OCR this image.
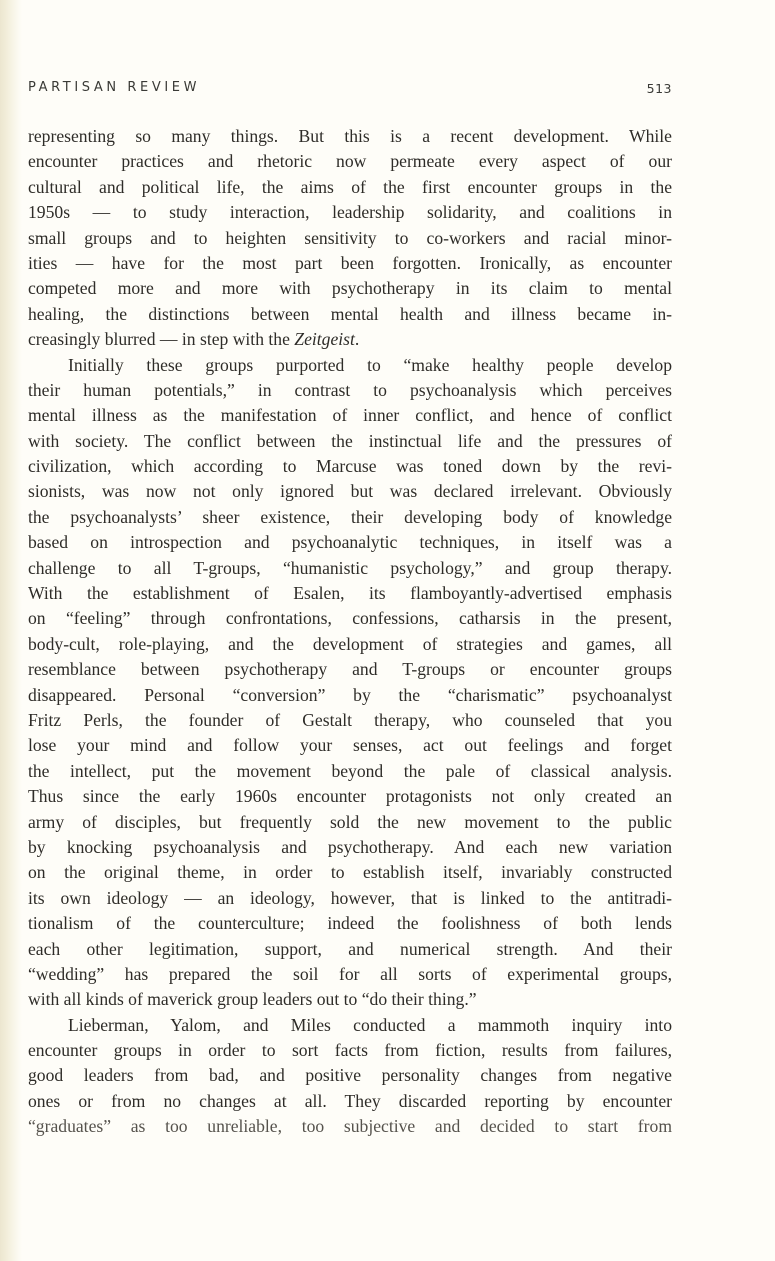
PARTISAN REVIEW	513
representing so many things. But this is a recent development. While
encounter practices and rhetoric now permeate every aspect of our
cultural and political life, the aims of the first encounter groups in the
1950s — to study interaction, leadership solidarity, and coalitions in
small groups and to heighten sensitivity to co-workers and racial minor-
ities — have for the most part been forgotten. Ironically, as encounter
competed more and more with psychotherapy in its claim to mental
healing, the distinctions between mental health and illness became in-
creasingly blurred — in step with the Zeitgeist.
Initially these groups purported to “make healthy people develop
their human potentials,” in contrast to psychoanalysis which perceives
mental illness as the manifestation of inner conflict, and hence of conflict
with society. The conflict between the instinctual life and the pressures of
civilization, which according to Marcuse was toned down by the revi-
sionists, was now not only ignored but was declared irrelevant. Obviously
the psychoanalysts’ sheer existence, their developing body of knowledge
based on introspection and psychoanalytic techniques, in itself was a
challenge to all T-groups, “humanistic psychology,” and group therapy.
With the establishment of Esalen, its flamboyantly-advertised emphasis
on “feeling” through confrontations, confessions, catharsis in the present,
body-cult, role-playing, and the development of strategies and games, all
resemblance between psychotherapy and T-groups or encounter groups
disappeared. Personal “conversion” by the “charismatic” psychoanalyst
Fritz Perls, the founder of Gestalt therapy, who counseled that you
lose your mind and follow your senses, act out feelings and forget
the intellect, put the movement beyond the pale of classical analysis.
Thus since the early 1960s encounter protagonists not only created an
army of disciples, but frequently sold the new movement to the public
by knocking psychoanalysis and psychotherapy. And each new variation
on the original theme, in order to establish itself, invariably constructed
its own ideology — an ideology, however, that is linked to the antitradi-
tionalism of the counterculture; indeed the foolishness of both lends
each other legitimation, support, and numerical strength. And their
“wedding” has prepared the soil for all sorts of experimental groups,
with all kinds of maverick group leaders out to “do their thing.”
Lieberman, Yalom, and Miles conducted a mammoth inquiry into
encounter groups in order to sort facts from fiction, results from failures,
good leaders from bad, and positive personality changes from negative
ones or from no changes at all. They discarded reporting by encounter
“graduates” as too unreliable, too subjective and decided to start from
